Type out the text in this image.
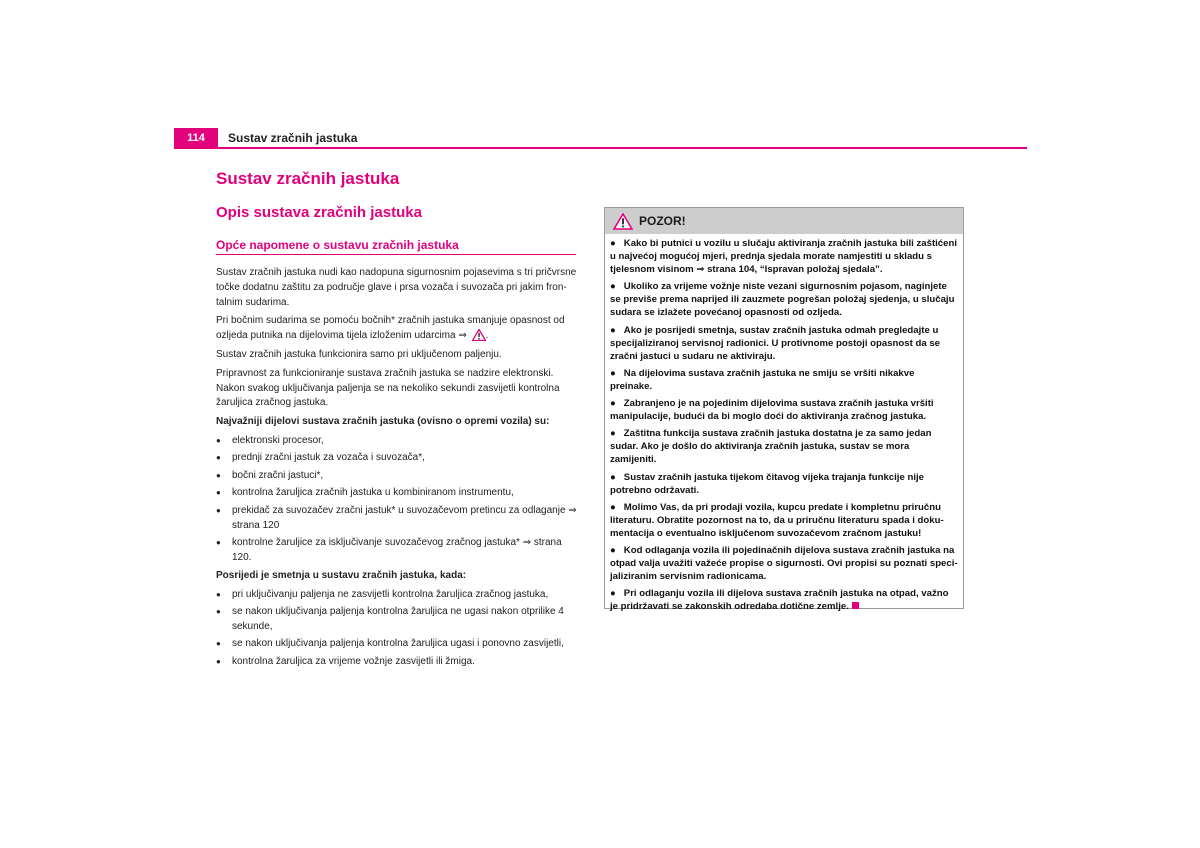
114	Sustav zračnih jastuka
Sustav zračnih jastuka
Opis sustava zračnih jastuka
Opće napomene o sustavu zračnih jastuka

Sustav zračnih jastuka nudi kao nadopuna sigurnosnim pojasevima s tri pričvrsne točke dodatnu zaštitu za područje glave i prsa vozača i suvozača pri jakim fron-talnim sudarima.

Pri bočnim sudarima se pomoću bočnih* zračnih jastuka smanjuje opasnost od ozljeda putnika na dijelovima tijela izloženim udarcima ⇒ .

Sustav zračnih jastuka funkcionira samo pri uključenom paljenju.

Pripravnost za funkcioniranje sustava zračnih jastuka se nadzire elektronski. Nakon svakog uključivanja paljenja se na nekoliko sekundi zasvijetli kontrolna žaruljica zračnog jastuka.

Najvažniji dijelovi sustava zračnih jastuka (ovisno o opremi vozila) su:

● elektronski procesor,
● prednji zračni jastuk za vozača i suvozača*,
● bočni zračni jastuci*,
● kontrolna žaruljica zračnih jastuka u kombiniranom instrumentu,
● prekidač za suvozačev zračni jastuk* u suvozačevom pretincu za odlaganje ⇒ strana 120
● kontrolne žaruljice za isključivanje suvozačevog zračnog jastuka* ⇒ strana 120.

Posrijedi je smetnja u sustavu zračnih jastuka, kada:

● pri uključivanju paljenja ne zasvijetli kontrolna žaruljica zračnog jastuka,
● se nakon uključivanja paljenja kontrolna žaruljica ne ugasi nakon otprilike 4 sekunde,
● se nakon uključivanja paljenja kontrolna žaruljica ugasi i ponovno zasvijetli,
● kontrolna žaruljica za vrijeme vožnje zasvijetli ili žmiga.
POZOR!
●   Kako bi putnici u vozilu u slučaju aktiviranja zračnih jastuka bili zaštićeni u najvećoj mogućoj mjeri, prednja sjedala morate namjestiti u skladu s tjelesnom visinom ⇒ strana 104, “Ispravan položaj sjedala”.
●   Ukoliko za vrijeme vožnje niste vezani sigurnosnim pojasom, naginjete se previše prema naprijed ili zauzmete pogrešan položaj sjedenja, u slučaju sudara se izlažete povećanoj opasnosti od ozljeda.
●   Ako je posrijedi smetnja, sustav zračnih jastuka odmah pregledajte u specijaliziranoj servisnoj radionici. U protivnome postoji opasnost da se zračni jastuci u sudaru ne aktiviraju.
●   Na dijelovima sustava zračnih jastuka ne smiju se vršiti nikakve preinake.
●   Zabranjeno je na pojedinim dijelovima sustava zračnih jastuka vršiti manipulacije, budući da bi moglo doći do aktiviranja zračnog jastuka.
●   Zaštitna funkcija sustava zračnih jastuka dostatna je za samo jedan sudar. Ako je došlo do aktiviranja zračnih jastuka, sustav se mora zamijeniti.
●   Sustav zračnih jastuka tijekom čitavog vijeka trajanja funkcije nije potrebno održavati.
●   Molimo Vas, da pri prodaji vozila, kupcu predate i kompletnu priručnu literaturu. Obratite pozornost na to, da u priručnu literaturu spada i doku-mentacija o eventualno isključenom suvozačevom zračnom jastuku!
●   Kod odlaganja vozila ili pojedinačnih dijelova sustava zračnih jastuka na otpad valja uvažiti važeće propise o sigurnosti. Ovi propisi su poznati speci-jaliziranim servisnim radionicama.
●   Pri odlaganju vozila ili dijelova sustava zračnih jastuka na otpad, važno je pridržavati se zakonskih odredaba dotične zemlje.
